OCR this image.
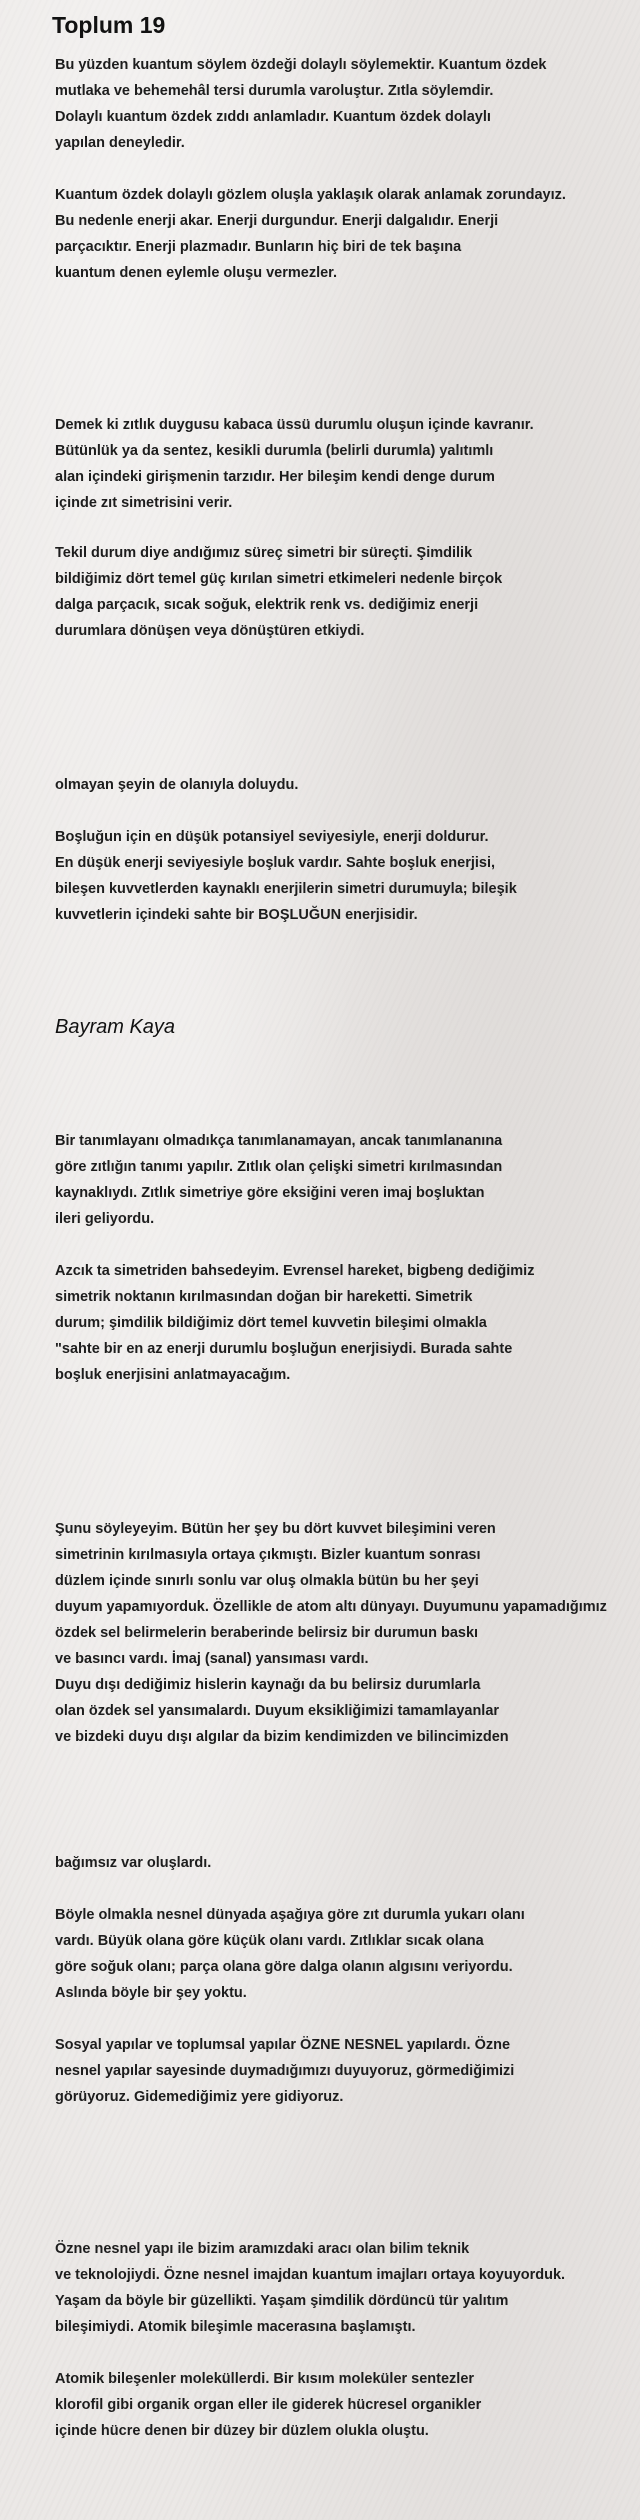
Toplum 19

Bu yüzden kuantum söylem özdeği dolaylı söylemektir. Kuantum özdek
mutlaka ve behemehâl tersi durumla varoluştur. Zıtla söylemdir.
Dolaylı kuantum özdek zıddı anlamladır. Kuantum özdek dolaylı
yapılan deneyledir.

Kuantum özdek dolaylı gözlem oluşla yaklaşık olarak anlamak zorundayız.
Bu nedenle enerji akar. Enerji durgundur. Enerji dalgalıdır. Enerji
parçacıktır. Enerji plazmadır. Bunların hiç biri de tek başına
kuantum denen eylemle oluşu vermezler.

Demek ki zıtlık duygusu kabaca üssü durumlu oluşun içinde kavranır.
Bütünlük ya da sentez, kesikli durumla (belirli durumla) yalıtımlı
alan içindeki girişmenin tarzıdır. Her bileşim kendi denge durum
içinde zıt simetrisini verir.

Tekil durum diye andığımız süreç simetri bir süreçti. Şimdilik
bildiğimiz dört temel güç kırılan simetri etkimeleri nedenle birçok
dalga parçacık, sıcak soğuk, elektrik renk vs. dediğimiz enerji
durumlara dönüşen veya dönüştüren etkiydi.

olmayan şeyin de olanıyla doluydu.

Boşluğun için en düşük potansiyel seviyesiyle, enerji doldurur.
En düşük enerji seviyesiyle boşluk vardır. Sahte boşluk enerjisi,
bileşen kuvvetlerden kaynaklı enerjilerin simetri durumuyla; bileşik
kuvvetlerin içindeki sahte bir BOŞLUĞUN enerjisidir.

Bayram Kaya

Bir tanımlayanı olmadıkça tanımlanamayan, ancak tanımlananına
göre zıtlığın tanımı yapılır. Zıtlık olan çelişki simetri kırılmasından
kaynaklıydı. Zıtlık simetriye göre eksiğini veren imaj boşluktan
ileri geliyordu.

Azcık ta simetriden bahsedeyim. Evrensel hareket, bigbeng dediğimiz
simetrik noktanın kırılmasından doğan bir hareketti. Simetrik
durum; şimdilik bildiğimiz dört temel kuvvetin bileşimi olmakla
"sahte bir en az enerji durumlu boşluğun enerjisiydi. Burada sahte
boşluk enerjisini anlatmayacağım.

Şunu söyleyeyim. Bütün her şey bu dört kuvvet bileşimini veren
simetrinin kırılmasıyla ortaya çıkmıştı. Bizler kuantum sonrası
düzlem içinde sınırlı sonlu var oluş olmakla bütün bu her şeyi
duyum yapamıyorduk. Özellikle de atom altı dünyayı. Duyumunu yapamadığımız
özdek sel belirmelerin beraberinde belirsiz bir durumun baskı
ve basıncı vardı. İmaj (sanal) yansıması vardı.
Duyu dışı dediğimiz hislerin kaynağı da bu belirsiz durumlarla
olan özdek sel yansımalardı. Duyum eksikliğimizi tamamlayanlar
ve bizdeki duyu dışı algılar da bizim kendimizden ve bilincimizden

bağımsız var oluşlardı.

Böyle olmakla nesnel dünyada aşağıya göre zıt durumla yukarı olanı
vardı. Büyük olana göre küçük olanı vardı. Zıtlıklar sıcak olana
göre soğuk olanı; parça olana göre dalga olanın algısını veriyordu.
Aslında böyle bir şey yoktu.

Sosyal yapılar ve toplumsal yapılar ÖZNE NESNEL yapılardı. Özne
nesnel yapılar sayesinde duymadığımızı duyuyoruz, görmediğimizi
görüyoruz. Gidemediğimiz yere gidiyoruz.

Özne nesnel yapı ile bizim aramızdaki aracı olan bilim teknik
ve teknolojiydi. Özne nesnel imajdan kuantum imajları ortaya koyuyorduk.
Yaşam da böyle bir güzellikti. Yaşam şimdilik dördüncü tür yalıtım
bileşimiydi. Atomik bileşimle macerasına başlamıştı.

Atomik bileşenler moleküllerdi. Bir kısım moleküler sentezler
klorofil gibi organik organ eller ile giderek hücresel organikler
içinde hücre denen bir düzey bir düzlem olukla oluştu.
